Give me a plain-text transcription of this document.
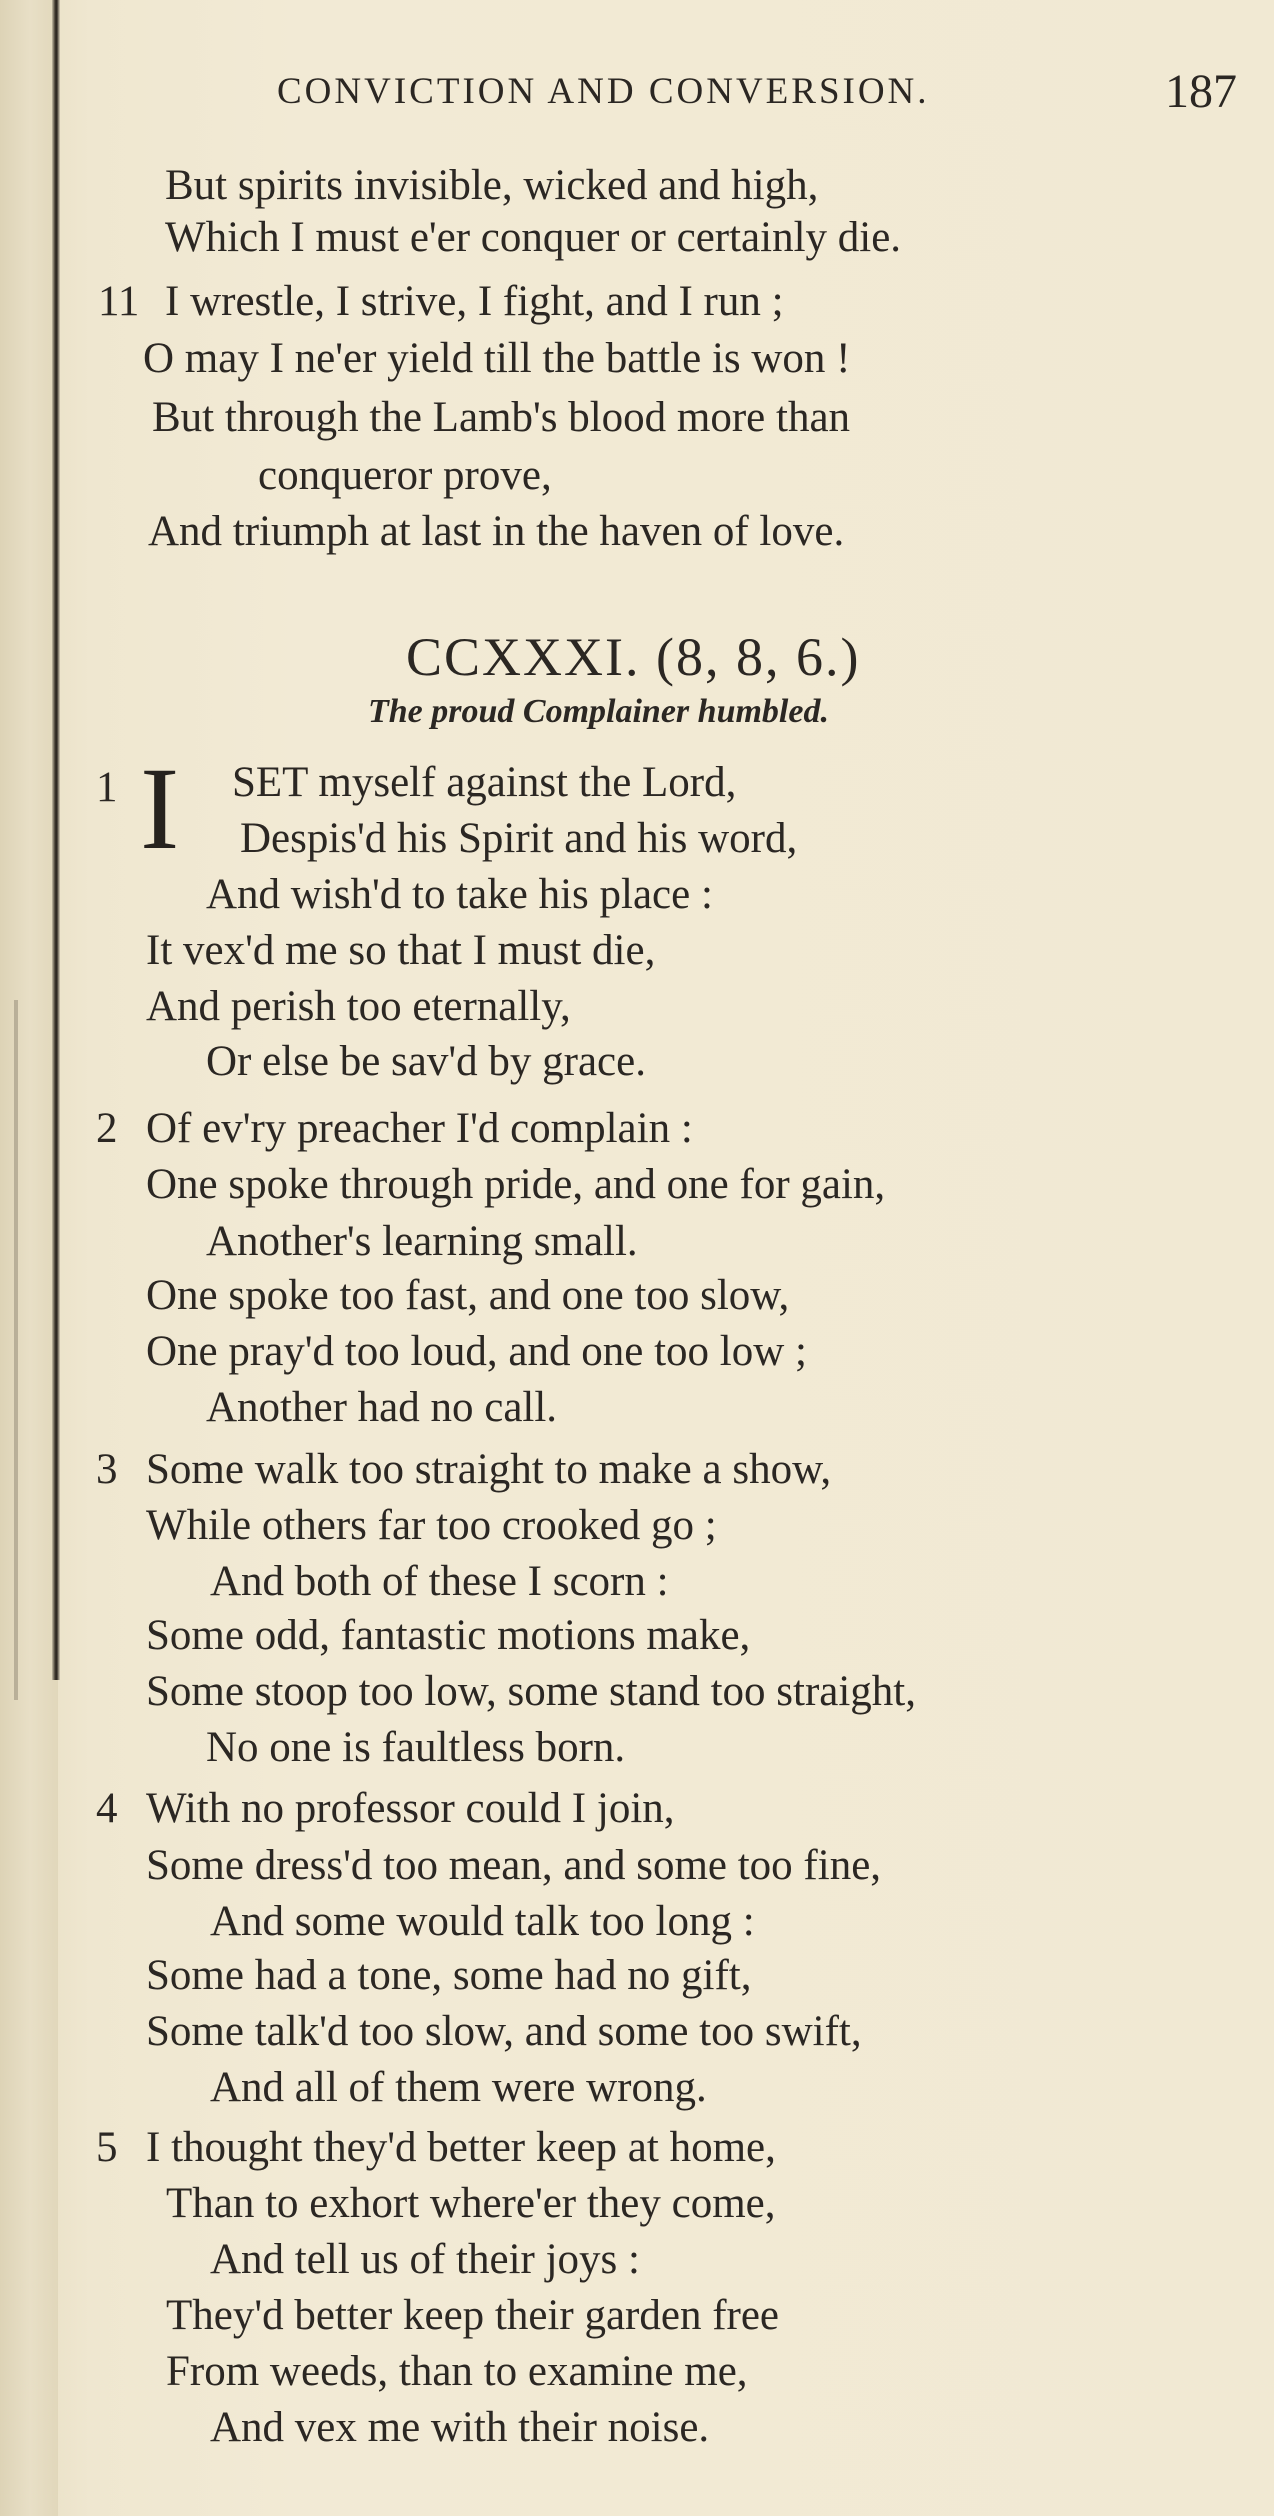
CONVICTION AND CONVERSION.	187
But spirits invisible, wicked and high,
Which I must e'er conquer or certainly die.
11 I wrestle, I strive, I fight, and I run ;
O may I ne'er yield till the battle is won !
But through the Lamb's blood more than
conqueror prove,
And triumph at last in the haven of love.
CCXXXI. (8, 8, 6.)
The proud Complainer humbled.
1 I SET myself against the Lord,
Despis'd his Spirit and his word,
And wish'd to take his place :
It vex'd me so that I must die,
And perish too eternally,
Or else be sav'd by grace.
2 Of ev'ry preacher I'd complain :
One spoke through pride, and one for gain,
Another's learning small.
One spoke too fast, and one too slow,
One pray'd too loud, and one too low ;
Another had no call.
3 Some walk too straight to make a show,
While others far too crooked go ;
And both of these I scorn :
Some odd, fantastic motions make,
Some stoop too low, some stand too straight,
No one is faultless born.
4 With no professor could I join,
Some dress'd too mean, and some too fine,
And some would talk too long :
Some had a tone, some had no gift,
Some talk'd too slow, and some too swift,
And all of them were wrong.
5 I thought they'd better keep at home,
Than to exhort where'er they come,
And tell us of their joys :
They'd better keep their garden free
From weeds, than to examine me,
And vex me with their noise.
